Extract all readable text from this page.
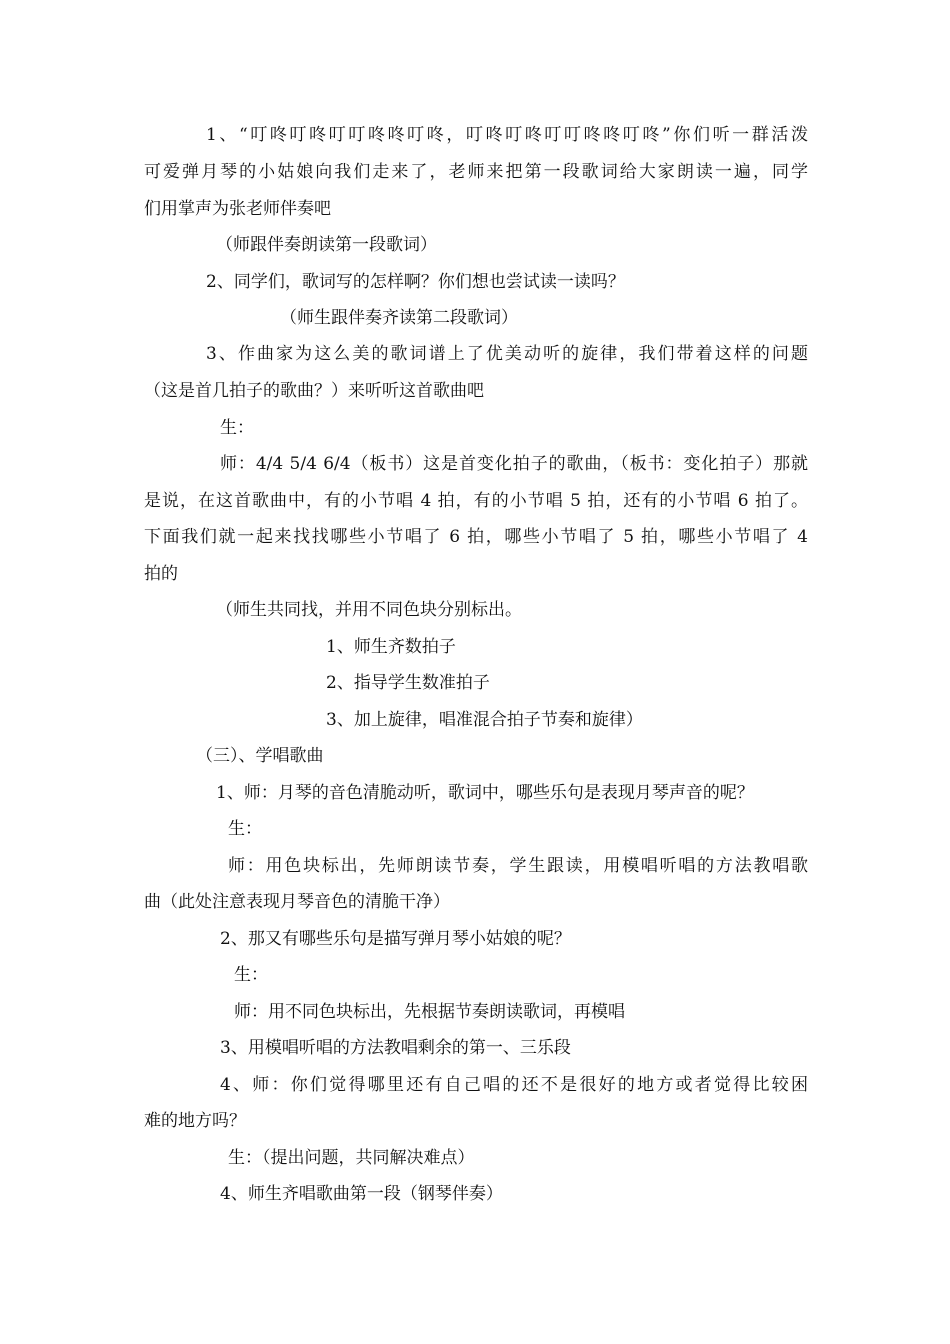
1、“叮咚叮咚叮叮咚咚叮咚，叮咚叮咚叮叮咚咚叮咚”你们听一群活泼
可爱弹月琴的小姑娘向我们走来了，老师来把第一段歌词给大家朗读一遍，同学
们用掌声为张老师伴奏吧
（师跟伴奏朗读第一段歌词）
2、同学们，歌词写的怎样啊？你们想也尝试读一读吗？
（师生跟伴奏齐读第二段歌词）
3、作曲家为这么美的歌词谱上了优美动听的旋律，我们带着这样的问题
（这是首几拍子的歌曲？）来听听这首歌曲吧
生：
师：4/4 5/4 6/4（板书）这是首变化拍子的歌曲，（板书：变化拍子）那就
是说，在这首歌曲中，有的小节唱 4 拍，有的小节唱 5 拍，还有的小节唱 6 拍了。
下面我们就一起来找找哪些小节唱了 6 拍，哪些小节唱了 5 拍，哪些小节唱了 4
拍的
（师生共同找，并用不同色块分别标出。
1、师生齐数拍子
2、指导学生数准拍子
3、加上旋律，唱准混合拍子节奏和旋律）
（三）、学唱歌曲
1、师：月琴的音色清脆动听，歌词中，哪些乐句是表现月琴声音的呢？
生：
师：用色块标出，先师朗读节奏，学生跟读，用模唱听唱的方法教唱歌
曲（此处注意表现月琴音色的清脆干净）
2、那又有哪些乐句是描写弹月琴小姑娘的呢？
生：
师：用不同色块标出，先根据节奏朗读歌词，再模唱
3、用模唱听唱的方法教唱剩余的第一、三乐段
4、师：你们觉得哪里还有自己唱的还不是很好的地方或者觉得比较困
难的地方吗？
生：（提出问题，共同解决难点）
4、师生齐唱歌曲第一段（钢琴伴奏）
